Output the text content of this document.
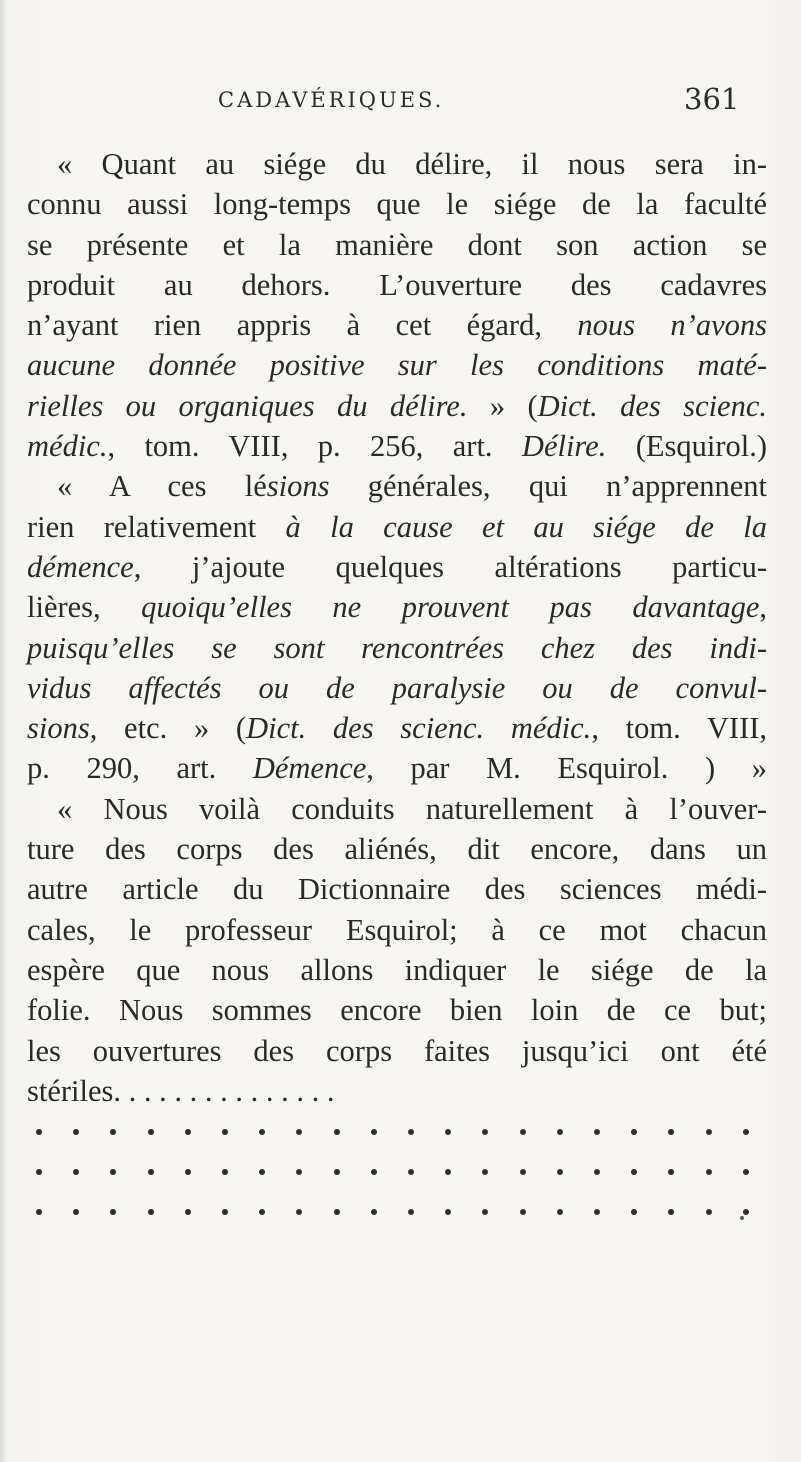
CADAVÉRIQUES.	361
« Quant au siége du délire, il nous sera in-
connu aussi long-temps que le siége de la faculté
se présente et la manière dont son action se
produit au dehors. L’ouverture des cadavres
n’ayant rien appris à cet égard, nous n’avons
aucune donnée positive sur les conditions maté-
rielles ou organiques du délire. » (Dict. des scienc.
médic., tom. VIII, p. 256, art. Délire. (Esquirol.)
« A ces lésions générales, qui n’apprennent
rien relativement à la cause et au siége de la
démence, j’ajoute quelques altérations particu-
lières, quoiqu’elles ne prouvent pas davantage,
puisqu’elles se sont rencontrées chez des indi-
vidus affectés ou de paralysie ou de convul-
sions, etc. » (Dict. des scienc. médic., tom. VIII,
p. 290, art. Démence, par M. Esquirol. ) »
« Nous voilà conduits naturellement à l’ouver-
ture des corps des aliénés, dit encore, dans un
autre article du Dictionnaire des sciences médi-
cales, le professeur Esquirol; à ce mot chacun
espère que nous allons indiquer le siége de la
folie. Nous sommes encore bien loin de ce but;
les ouvertures des corps faites jusqu’ici ont été
stériles. . . . . . . . . . . . . . .
